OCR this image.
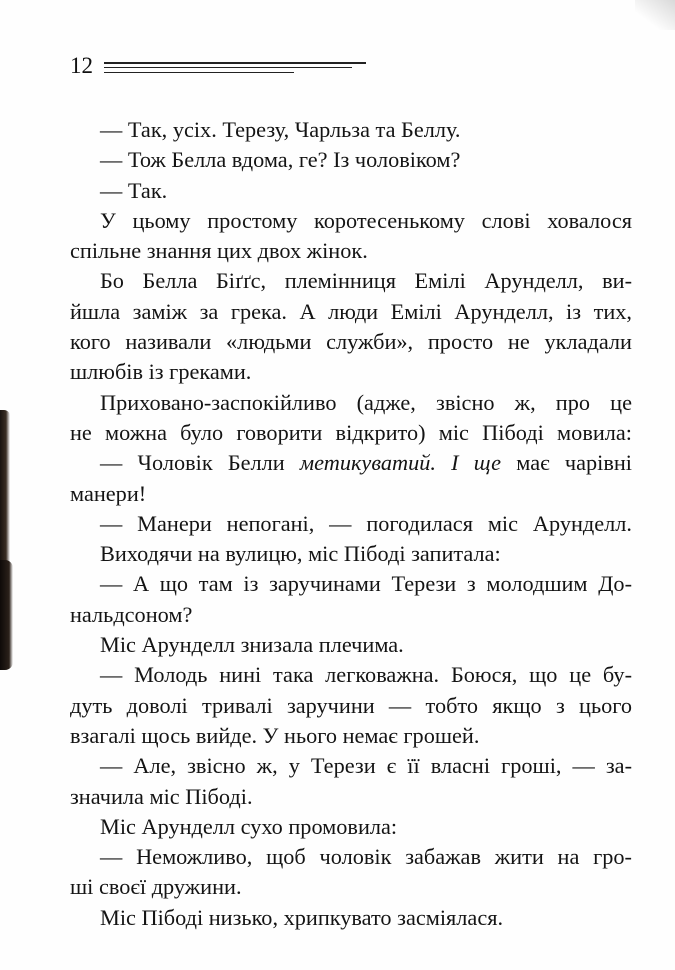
12
— Так, усіх. Терезу, Чарльза та Беллу.
— Тож Белла вдома, ге? Із чоловіком?
— Так.
У цьому простому коротесенькому слові ховалося
спільне знання цих двох жінок.
Бо Белла Біґґс, племінниця Емілі Арунделл, ви-
йшла заміж за грека. А люди Емілі Арунделл, із тих,
кого називали «людьми служби», просто не укладали
шлюбів із греками.
Приховано-заспокійливо (адже, звісно ж, про це
не можна було говорити відкрито) міс Пібоді мовила:
— Чоловік Белли метикуватий. І ще має чарівні
манери!
— Манери непогані, — погодилася міс Арунделл.
Виходячи на вулицю, міс Пібоді запитала:
— А що там із заручинами Терези з молодшим До-
нальдсоном?
Міс Арунделл знизала плечима.
— Молодь нині така легковажна. Боюся, що це бу-
дуть доволі тривалі заручини — тобто якщо з цього
взагалі щось вийде. У нього немає грошей.
— Але, звісно ж, у Терези є її власні гроші, — за-
значила міс Пібоді.
Міс Арунделл сухо промовила:
— Неможливо, щоб чоловік забажав жити на гро-
ші своєї дружини.
Міс Пібоді низько, хрипкувато засміялася.
